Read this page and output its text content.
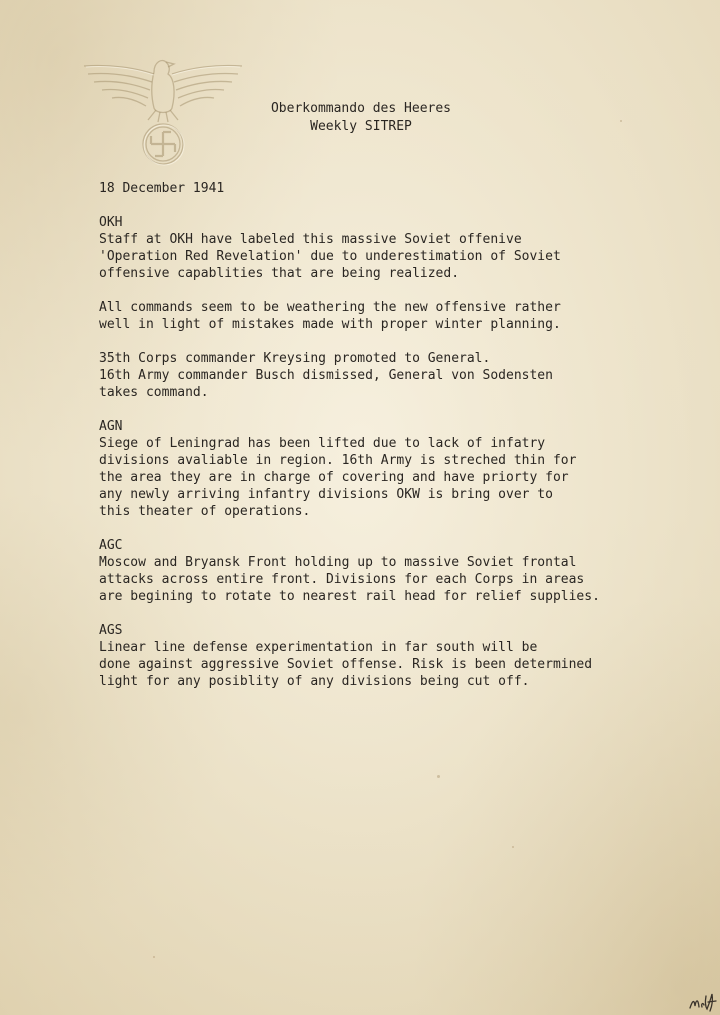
Oberkommando des Heeres
Weekly SITREP
18 December 1941
OKH

Staff at OKH have labeled this massive Soviet offenive
'Operation Red Revelation' due to underestimation of Soviet
offensive capablities that are being realized.

All commands seem to be weathering the new offensive rather
well in light of mistakes made with proper winter planning.

35th Corps commander Kreysing promoted to General.
16th Army commander Busch dismissed, General von Sodensten
takes command.

AGN

Siege of Leningrad has been lifted due to lack of infatry
divisions avaliable in region. 16th Army is streched thin for
the area they are in charge of covering and have priorty for
any newly arriving infantry divisions OKW is bring over to
this theater of operations.

AGC

Moscow and Bryansk Front holding up to massive Soviet frontal
attacks across entire front. Divisions for each Corps in areas
are begining to rotate to nearest rail head for relief supplies.

AGS

Linear line defense experimentation in far south will be
done against aggressive Soviet offense. Risk is been determined
light for any posiblity of any divisions being cut off.
